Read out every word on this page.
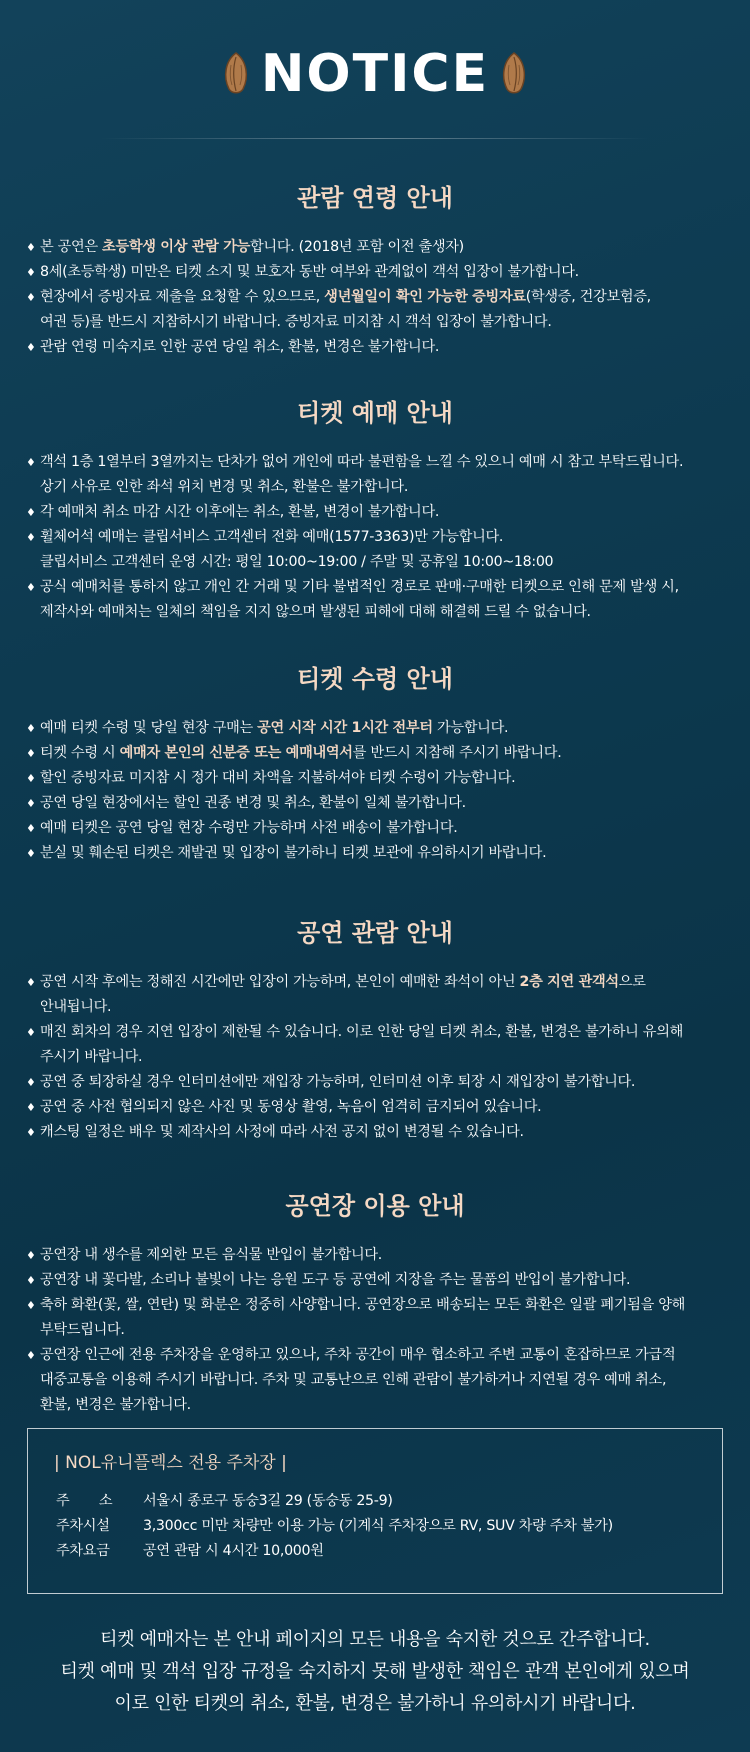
NOTICE
관람 연령 안내
♦ 본 공연은 초등학생 이상 관람 가능합니다. (2018년 포함 이전 출생자)
♦ 8세(초등학생) 미만은 티켓 소지 및 보호자 동반 여부와 관계없이 객석 입장이 불가합니다.
♦ 현장에서 증빙자료 제출을 요청할 수 있으므로, 생년월일이 확인 가능한 증빙자료(학생증, 건강보험증,
여권 등)를 반드시 지참하시기 바랍니다. 증빙자료 미지참 시 객석 입장이 불가합니다.
♦ 관람 연령 미숙지로 인한 공연 당일 취소, 환불, 변경은 불가합니다.
티켓 예매 안내
♦ 객석 1층 1열부터 3열까지는 단차가 없어 개인에 따라 불편함을 느낄 수 있으니 예매 시 참고 부탁드립니다.
상기 사유로 인한 좌석 위치 변경 및 취소, 환불은 불가합니다.
♦ 각 예매처 취소 마감 시간 이후에는 취소, 환불, 변경이 불가합니다.
♦ 휠체어석 예매는 클립서비스 고객센터 전화 예매(1577-3363)만 가능합니다.
클립서비스 고객센터 운영 시간: 평일 10:00~19:00 / 주말 및 공휴일 10:00~18:00
♦ 공식 예매처를 통하지 않고 개인 간 거래 및 기타 불법적인 경로로 판매·구매한 티켓으로 인해 문제 발생 시,
제작사와 예매처는 일체의 책임을 지지 않으며 발생된 피해에 대해 해결해 드릴 수 없습니다.
티켓 수령 안내
♦ 예매 티켓 수령 및 당일 현장 구매는 공연 시작 시간 1시간 전부터 가능합니다.
♦ 티켓 수령 시 예매자 본인의 신분증 또는 예매내역서를 반드시 지참해 주시기 바랍니다.
♦ 할인 증빙자료 미지참 시 정가 대비 차액을 지불하셔야 티켓 수령이 가능합니다.
♦ 공연 당일 현장에서는 할인 권종 변경 및 취소, 환불이 일체 불가합니다.
♦ 예매 티켓은 공연 당일 현장 수령만 가능하며 사전 배송이 불가합니다.
♦ 분실 및 훼손된 티켓은 재발권 및 입장이 불가하니 티켓 보관에 유의하시기 바랍니다.
공연 관람 안내
♦ 공연 시작 후에는 정해진 시간에만 입장이 가능하며, 본인이 예매한 좌석이 아닌 2층 지연 관객석으로
안내됩니다.
♦ 매진 회차의 경우 지연 입장이 제한될 수 있습니다. 이로 인한 당일 티켓 취소, 환불, 변경은 불가하니 유의해
주시기 바랍니다.
♦ 공연 중 퇴장하실 경우 인터미션에만 재입장 가능하며, 인터미션 이후 퇴장 시 재입장이 불가합니다.
♦ 공연 중 사전 협의되지 않은 사진 및 동영상 촬영, 녹음이 엄격히 금지되어 있습니다.
♦ 캐스팅 일정은 배우 및 제작사의 사정에 따라 사전 공지 없이 변경될 수 있습니다.
공연장 이용 안내
♦ 공연장 내 생수를 제외한 모든 음식물 반입이 불가합니다.
♦ 공연장 내 꽃다발, 소리나 불빛이 나는 응원 도구 등 공연에 지장을 주는 물품의 반입이 불가합니다.
♦ 축하 화환(꽃, 쌀, 연탄) 및 화분은 정중히 사양합니다. 공연장으로 배송되는 모든 화환은 일괄 폐기됨을 양해
부탁드립니다.
♦ 공연장 인근에 전용 주차장을 운영하고 있으나, 주차 공간이 매우 협소하고 주변 교통이 혼잡하므로 가급적
대중교통을 이용해 주시기 바랍니다. 주차 및 교통난으로 인해 관람이 불가하거나 지연될 경우 예매 취소,
환불, 변경은 불가합니다.
| NOL유니플렉스 전용 주차장 |
주       소	서울시 종로구 동숭3길 29 (동숭동 25-9)
주차시설	3,300cc 미만 차량만 이용 가능 (기계식 주차장으로 RV, SUV 차량 주차 불가)
주차요금	공연 관람 시 4시간 10,000원
티켓 예매자는 본 안내 페이지의 모든 내용을 숙지한 것으로 간주합니다.
티켓 예매 및 객석 입장 규정을 숙지하지 못해 발생한 책임은 관객 본인에게 있으며
이로 인한 티켓의 취소, 환불, 변경은 불가하니 유의하시기 바랍니다.
